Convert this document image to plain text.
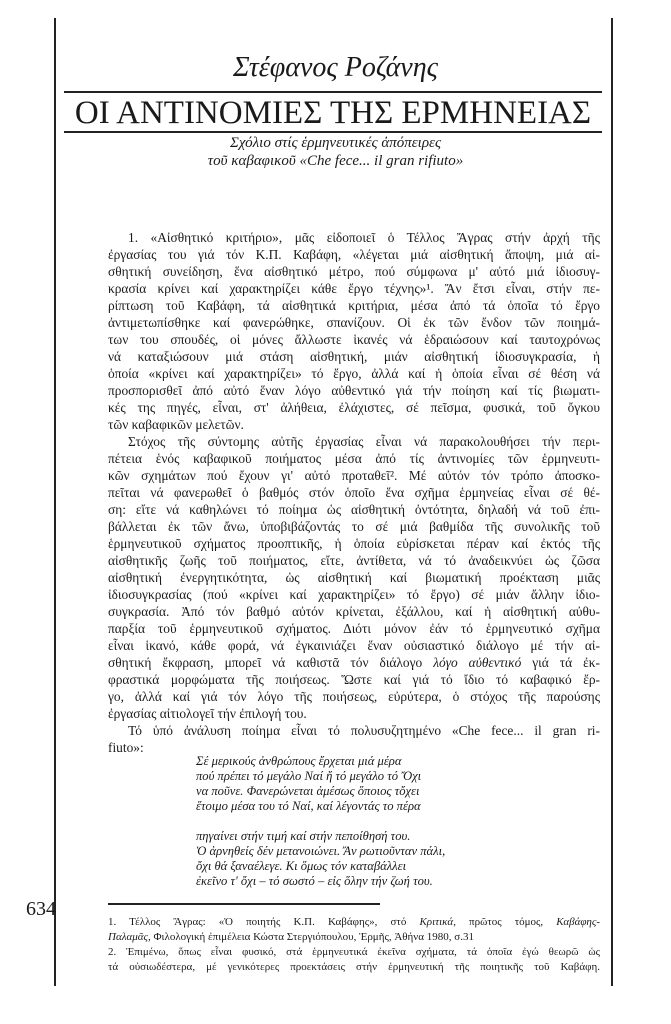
Στέφανος Ροζάνης
ΟΙ ΑΝΤΙΝΟΜΙΕΣ ΤΗΣ ΕΡΜΗΝΕΙΑΣ
Σχόλιο στίς ἑρμηνευτικές ἀπόπειρες
τοῦ καβαφικοῦ «Che fece... il gran rifiuto»
1. «Αἰσθητικό κριτήριο», μᾶς εἰδοποιεῖ ὁ Τέλλος Ἄγρας στήν ἀρχή τῆς
ἐργασίας του γιά τόν Κ.Π. Καβάφη, «λέγεται μιά αἰσθητική ἄποψη, μιά αἰ-
σθητική συνείδηση, ἕνα αἰσθητικό μέτρο, πού σύμφωνα μ' αὐτό μιά ἰδιοσυγ-
κρασία κρίνει καί χαρακτηρίζει κάθε ἔργο τέχνης»¹. Ἄν ἔτσι εἶναι, στήν πε-
ρίπτωση τοῦ Καβάφη, τά αἰσθητικά κριτήρια, μέσα ἀπό τά ὁποῖα τό ἔργο
ἀντιμετωπίσθηκε καί φανερώθηκε, σπανίζουν. Οἱ ἐκ τῶν ἔνδον τῶν ποιημά-
των του σπουδές, οἱ μόνες ἄλλωστε ἱκανές νά ἑδραιώσουν καί ταυτοχρόνως
νά καταξιώσουν μιά στάση αἰσθητική, μιάν αἰσθητική ἰδιοσυγκρασία, ἡ
ὁποία «κρίνει καί χαρακτηρίζει» τό ἔργο, ἀλλά καί ἡ ὁποία εἶναι σέ θέση νά
προσπορισθεῖ ἀπό αὐτό ἕναν λόγο αὐθεντικό γιά τήν ποίηση καί τίς βιωματι-
κές της πηγές, εἶναι, στ' ἀλήθεια, ἐλάχιστες, σέ πεῖσμα, φυσικά, τοῦ ὄγκου
τῶν καβαφικῶν μελετῶν.
Στόχος τῆς σύντομης αὐτῆς ἐργασίας εἶναι νά παρακολουθήσει τήν περι-
πέτεια ἑνός καβαφικοῦ ποιήματος μέσα ἀπό τίς ἀντινομίες τῶν ἑρμηνευτι-
κῶν σχημάτων πού ἔχουν γι' αὐτό προταθεῖ². Μέ αὐτόν τόν τρόπο ἀποσκο-
πεῖται νά φανερωθεῖ ὁ βαθμός στόν ὁποῖο ἕνα σχῆμα ἑρμηνείας εἶναι σέ θέ-
ση: εἴτε νά καθηλώνει τό ποίημα ὡς αἰσθητική ὀντότητα, δηλαδή νά τοῦ ἐπι-
βάλλεται ἐκ τῶν ἄνω, ὑποβιβάζοντάς το σέ μιά βαθμίδα τῆς συνολικῆς τοῦ
ἑρμηνευτικοῦ σχήματος προοπτικῆς, ἡ ὁποία εὑρίσκεται πέραν καί ἐκτός τῆς
αἰσθητικῆς ζωῆς τοῦ ποιήματος, εἴτε, ἀντίθετα, νά τό ἀναδεικνύει ὡς ζῶσα
αἰσθητική ἐνεργητικότητα, ὡς αἰσθητική καί βιωματική προέκταση μιᾶς
ἰδιοσυγκρασίας (πού «κρίνει καί χαρακτηρίζει» τό ἔργο) σέ μιάν ἄλλην ἰδιο-
συγκρασία. Ἀπό τόν βαθμό αὐτόν κρίνεται, ἐξάλλου, καί ἡ αἰσθητική αὐθυ-
παρξία τοῦ ἑρμηνευτικοῦ σχήματος. Διότι μόνον ἐάν τό ἑρμηνευτικό σχῆμα
εἶναι ἱκανό, κάθε φορά, νά ἐγκαινιάζει ἕναν οὐσιαστικό διάλογο μέ τήν αἰ-
σθητική ἔκφραση, μπορεῖ νά καθιστᾶ τόν διάλογο λόγο αὐθεντικό γιά τά ἐκ-
φραστικά μορφώματα τῆς ποιήσεως. Ὥστε καί γιά τό ἴδιο τό καβαφικό ἔρ-
γο, ἀλλά καί γιά τόν λόγο τῆς ποιήσεως, εὐρύτερα, ὁ στόχος τῆς παρούσης
ἐργασίας αἰτιολογεῖ τήν ἐπιλογή του.
Τό ὑπό ἀνάλυση ποίημα εἶναι τό πολυσυζητημένο «Che fece... il gran ri-
fiuto»:
Σέ μερικούς ἀνθρώπους ἔρχεται μιά μέρα
πού πρέπει τό μεγάλο Ναί ἤ τό μεγάλο τό Ὄχι
να ποῦνε. Φανερώνεται ἀμέσως ὅποιος τὄχει
ἕτοιμο μέσα του τό Ναί, καί λέγοντάς το πέρα
πηγαίνει στήν τιμή καί στήν πεποίθησή του.
Ὁ ἀρνηθείς δέν μετανοιώνει. Ἄν ρωτιοῦνταν πάλι,
ὄχι θά ξαναέλεγε. Κι ὅμως τόν καταβάλλει
ἐκεῖνο τ' ὄχι – τό σωστό – εἰς ὅλην τήν ζωή του.
634
1. Τέλλος Ἄγρας: «Ὁ ποιητής Κ.Π. Καβάφης», στό Κριτικά, πρῶτος τόμος, Καβάφης-
Παλαμᾶς, Φιλολογική ἐπιμέλεια Κώστα Στεργιόπουλου, Ἑρμῆς, Ἀθήνα 1980, σ.31
2. Ἐπιμένω, ὅπως εἶναι φυσικό, στά ἑρμηνευτικά ἐκεῖνα σχήματα, τά ὁποῖα ἐγώ θεωρῶ ὡς
τά οὐσιωδέστερα, μέ γενικότερες προεκτάσεις στήν ἑρμηνευτική τῆς ποιητικῆς τοῦ Καβάφη.
